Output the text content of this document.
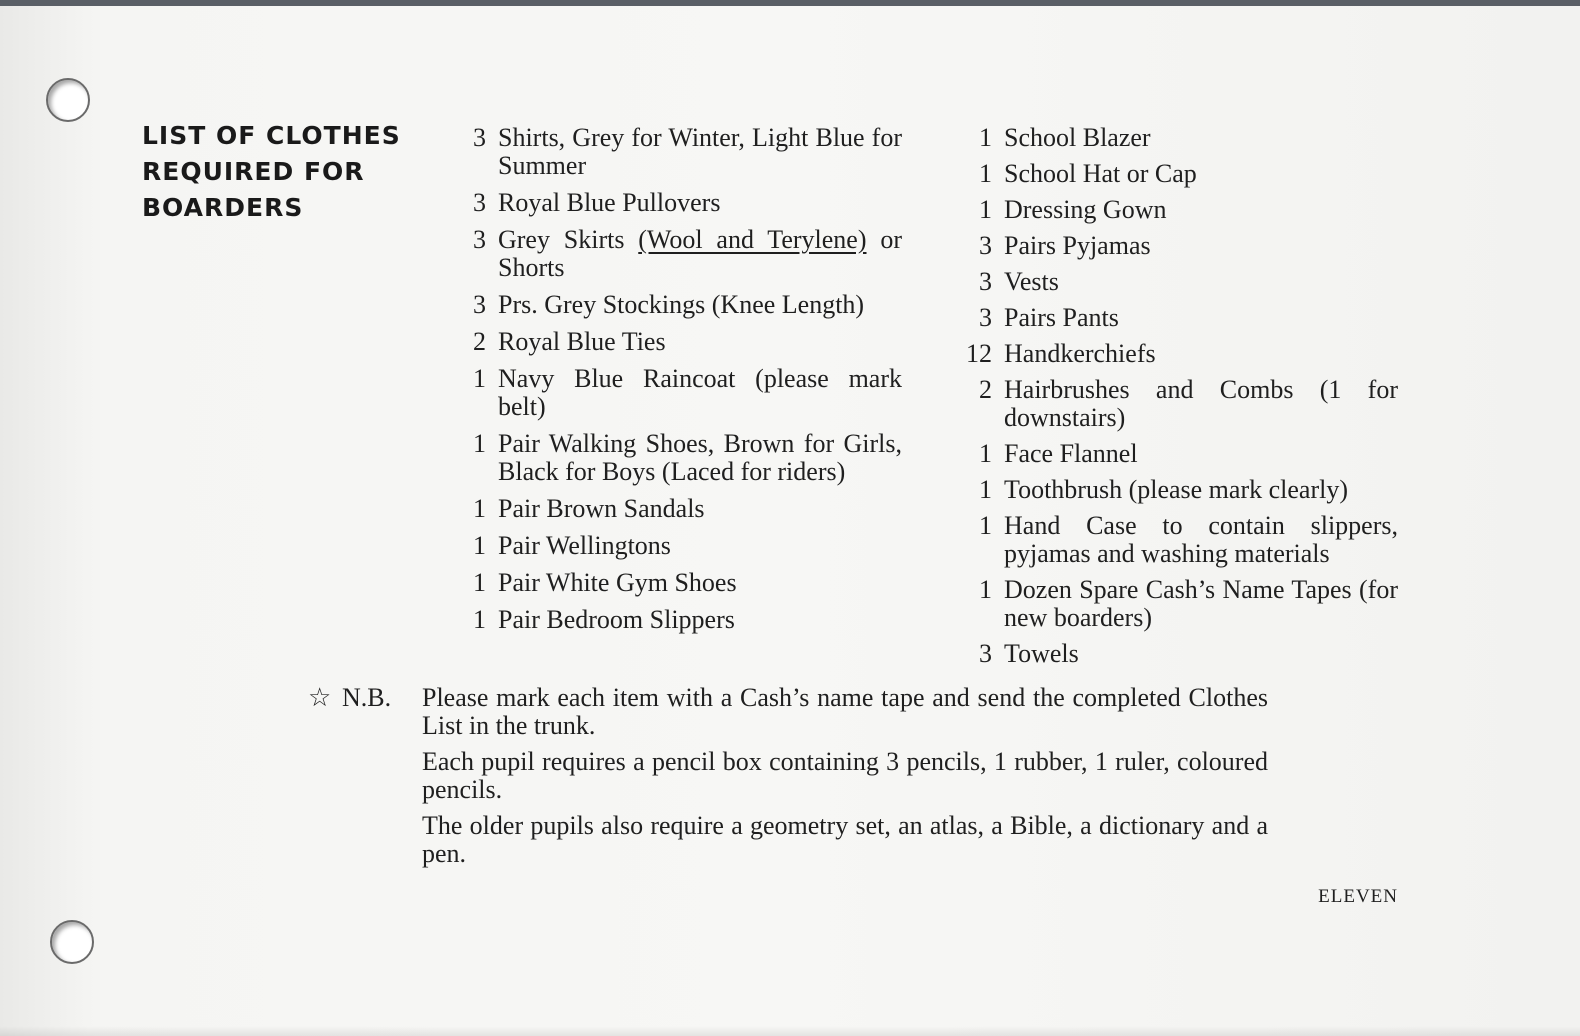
LIST OF CLOTHES
REQUIRED FOR
BOARDERS
3 Shirts, Grey for Winter, Light Blue for Summer
3 Royal Blue Pullovers
3 Grey Skirts (Wool and Terylene) or Shorts
3 Prs. Grey Stockings (Knee Length)
2 Royal Blue Ties
1 Navy Blue Raincoat (please mark belt)
1 Pair Walking Shoes, Brown for Girls, Black for Boys (Laced for riders)
1 Pair Brown Sandals
1 Pair Wellingtons
1 Pair White Gym Shoes
1 Pair Bedroom Slippers
1 School Blazer
1 School Hat or Cap
1 Dressing Gown
3 Pairs Pyjamas
3 Vests
3 Pairs Pants
12 Handkerchiefs
2 Hairbrushes and Combs (1 for downstairs)
1 Face Flannel
1 Toothbrush (please mark clearly)
1 Hand Case to contain slippers, pyjamas and washing materials
1 Dozen Spare Cash’s Name Tapes (for new boarders)
3 Towels
☆ N.B. Please mark each item with a Cash’s name tape and send the completed Clothes List in the trunk.

Each pupil requires a pencil box containing 3 pencils, 1 rubber, 1 ruler, coloured pencils.

The older pupils also require a geometry set, an atlas, a Bible, a dictionary and a pen.

ELEVEN
